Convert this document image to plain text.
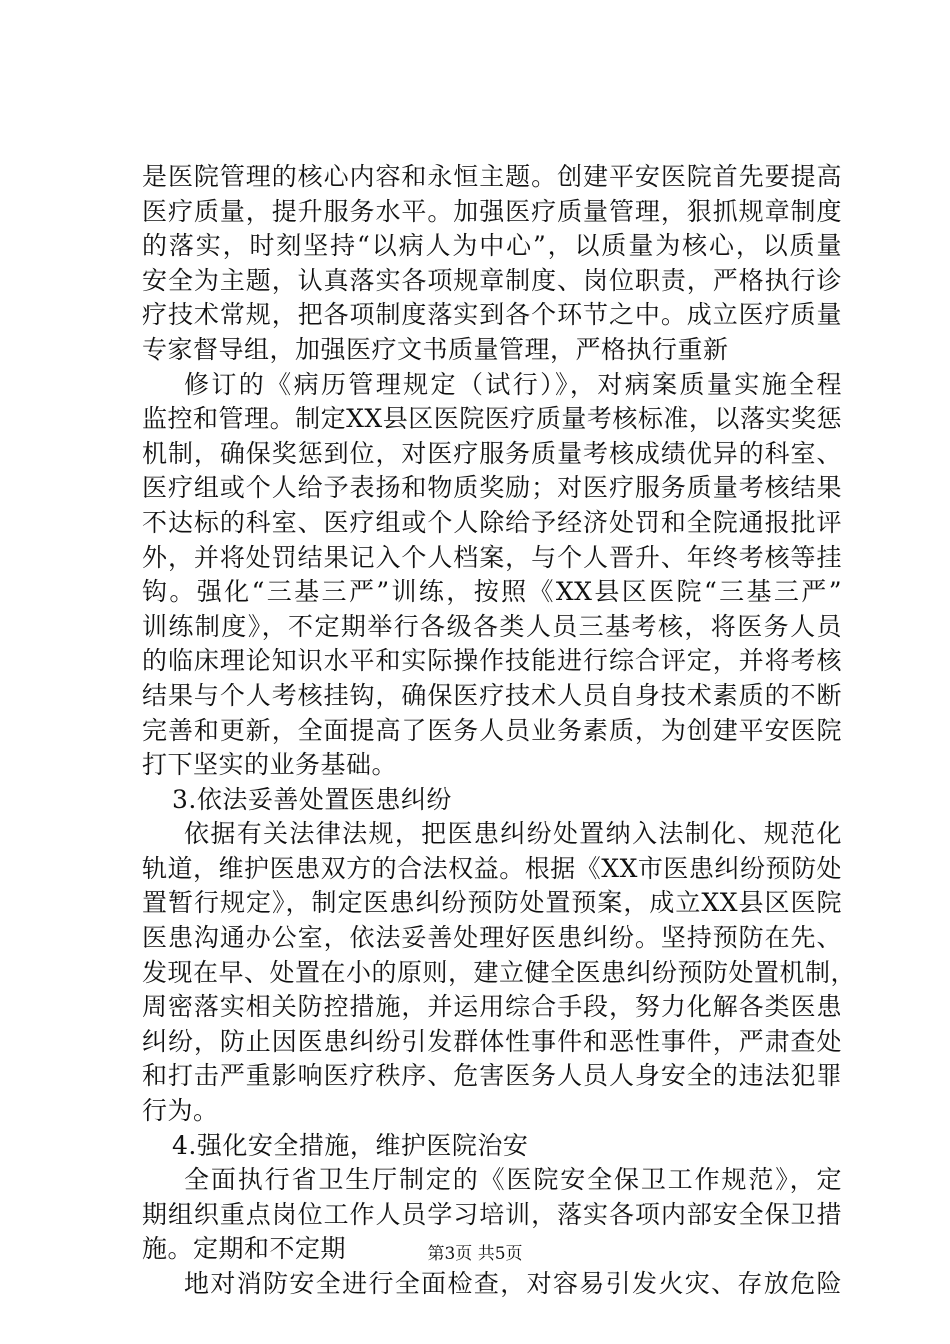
是医院管理的核心内容和永恒主题。创建平安医院首先要提高
医疗质量，提升服务水平。加强医疗质量管理，狠抓规章制度
的落实，时刻坚持“以病人为中心”，以质量为核心，以质量
安全为主题，认真落实各项规章制度、岗位职责，严格执行诊
疗技术常规，把各项制度落实到各个环节之中。成立医疗质量
专家督导组，加强医疗文书质量管理，严格执行重新
修订的《病历管理规定（试行）》，对病案质量实施全程
监控和管理。制定XX县区医院医疗质量考核标准，以落实奖惩
机制，确保奖惩到位，对医疗服务质量考核成绩优异的科室、
医疗组或个人给予表扬和物质奖励；对医疗服务质量考核结果
不达标的科室、医疗组或个人除给予经济处罚和全院通报批评
外，并将处罚结果记入个人档案，与个人晋升、年终考核等挂
钩。强化“三基三严”训练，按照《XX县区医院“三基三严”
训练制度》，不定期举行各级各类人员三基考核，将医务人员
的临床理论知识水平和实际操作技能进行综合评定，并将考核
结果与个人考核挂钩，确保医疗技术人员自身技术素质的不断
完善和更新，全面提高了医务人员业务素质，为创建平安医院
打下坚实的业务基础。
3.依法妥善处置医患纠纷
依据有关法律法规，把医患纠纷处置纳入法制化、规范化
轨道，维护医患双方的合法权益。根据《XX市医患纠纷预防处
置暂行规定》，制定医患纠纷预防处置预案，成立XX县区医院
医患沟通办公室，依法妥善处理好医患纠纷。坚持预防在先、
发现在早、处置在小的原则，建立健全医患纠纷预防处置机制，
周密落实相关防控措施，并运用综合手段，努力化解各类医患
纠纷，防止因医患纠纷引发群体性事件和恶性事件，严肃查处
和打击严重影响医疗秩序、危害医务人员人身安全的违法犯罪
行为。
4.强化安全措施，维护医院治安
全面执行省卫生厅制定的《医院安全保卫工作规范》，定
期组织重点岗位工作人员学习培训，落实各项内部安全保卫措
施。定期和不定期
地对消防安全进行全面检查，对容易引发火灾、存放危险
第3页 共5页
